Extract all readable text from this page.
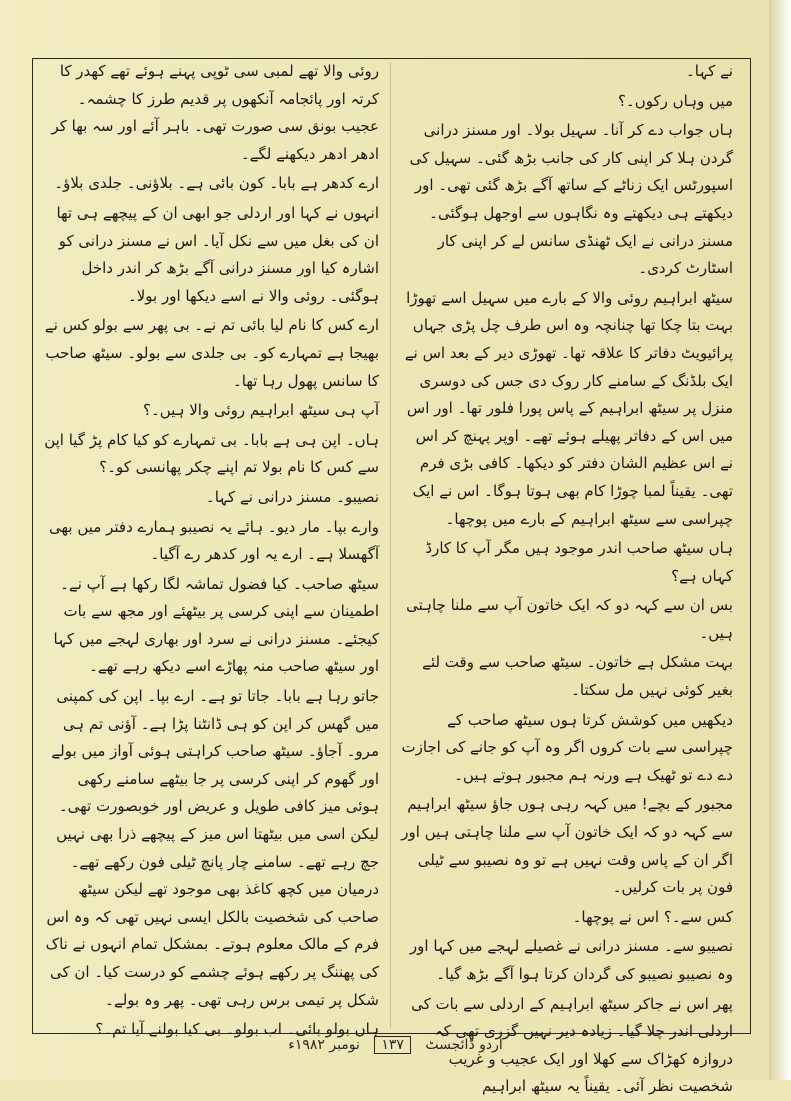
نے کہا۔

میں وہاں رکوں۔؟

ہاں جواب دے کر آنا۔ سہیل بولا۔ اور مسنز درانی گردن ہلا کر اپنی کار کی جانب بڑھ گئی۔ سہیل کی اسپورٹس ایک زناٹے کے ساتھ آگے بڑھ گئی تھی۔ اور دیکھتے ہی دیکھتے وہ نگاہوں سے اوجھل ہوگئی۔ مسنز درانی نے ایک ٹھنڈی سانس لے کر اپنی کار اسٹارٹ کردی۔

سیٹھ ابراہیم روئی والا کے بارے میں سہیل اسے تھوڑا بہت بتا چکا تھا چنانچہ وہ اس طرف چل پڑی جہاں پرائیویٹ دفاتر کا علاقہ تھا۔ تھوڑی دیر کے بعد اس نے ایک بلڈنگ کے سامنے کار روک دی جس کی دوسری منزل پر سیٹھ ابراہیم کے پاس پورا فلور تھا۔ اور اس میں اس کے دفاتر پھیلے ہوئے تھے۔ اوپر پہنچ کر اس نے اس عظیم الشان دفتر کو دیکھا۔ کافی بڑی فرم تھی۔ یقیناً لمبا چوڑا کام بھی ہوتا ہوگا۔ اس نے ایک چپراسی سے سیٹھ ابراہیم کے بارے میں پوچھا۔

ہاں سیٹھ صاحب اندر موجود ہیں مگر آپ کا کارڈ کہاں ہے؟

بس ان سے کہہ دو کہ ایک خاتون آپ سے ملنا چاہتی ہیں۔

بہت مشکل ہے خاتون۔ سیٹھ صاحب سے وقت لئے بغیر کوئی نہیں مل سکتا۔

دیکھیں میں کوشش کرتا ہوں سیٹھ صاحب کے چپراسی سے بات کروں اگر وہ آپ کو جانے کی اجازت دے دے تو ٹھیک ہے ورنہ ہم مجبور ہوتے ہیں۔

مجبور کے بچے! میں کہہ رہی ہوں جاؤ سیٹھ ابراہیم سے کہہ دو کہ ایک خاتون آپ سے ملنا چاہتی ہیں اور اگر ان کے پاس وقت نہیں ہے تو وہ نصیبو سے ٹیلی فون پر بات کرلیں۔

کس سے۔؟ اس نے پوچھا۔

نصیبو سے۔ مسنز درانی نے غصیلے لہجے میں کہا اور وہ نصیبو نصیبو کی گردان کرتا ہوا آگے بڑھ گیا۔

پھر اس نے جاکر سیٹھ ابراہیم کے اردلی سے بات کی اردلی اندر چلا گیا۔ زیادہ دیر نہیں گزری تھی کہ دروازہ کھڑاک سے کھلا اور ایک عجیب و غریب شخصیت نظر آئی۔ یقیناً یہ سیٹھ ابراہیم

روئی والا تھے لمبی سی ٹوپی پہنے ہوئے تھے کھدر کا کرتہ اور پائجامہ آنکھوں پر قدیم طرز کا چشمہ۔ عجیب بونق سی صورت تھی۔ باہر آئے اور سہ بھا کر ادھر ادھر دیکھنے لگے۔

ارے کدھر ہے بابا۔ کون بائی ہے۔ بلاؤنی۔ جلدی بلاؤ۔

انہوں نے کہا اور اردلی جو ابھی ان کے پیچھے ہی تھا ان کی بغل میں سے نکل آیا۔ اس نے مسنز درانی کو اشارہ کیا اور مسنز درانی آگے بڑھ کر اندر داخل ہوگئی۔ روئی والا نے اسے دیکھا اور بولا۔

ارے کس کا نام لیا بائی تم نے۔ بی پھر سے بولو کس نے بھیجا ہے تمہارے کو۔ بی جلدی سے بولو۔ سیٹھ صاحب کا سانس پھول رہا تھا۔

آپ ہی سیٹھ ابراہیم روئی والا ہیں۔؟

ہاں۔ اپن ہی ہے بابا۔ بی تمہارے کو کیا کام پڑ گیا اپن سے کس کا نام بولا تم اپنے چکر پھانسی کو۔؟

نصیبو۔ مسنز درانی نے کہا۔

وارے بپا۔ مار دیو۔ ہائے یہ نصیبو ہمارے دفتر میں بھی آگھسلا ہے۔ ارے یہ اور کدھر رے آگیا۔

سیٹھ صاحب۔ کیا فضول تماشہ لگا رکھا ہے آپ نے۔ اطمینان سے اپنی کرسی پر بیٹھئے اور مجھ سے بات کیجئے۔ مسنز درانی نے سرد اور بھاری لہجے میں کہا اور سیٹھ صاحب منہ پھاڑے اسے دیکھ رہے تھے۔

جاتو رہا ہے بابا۔ جاتا تو ہے۔ ارے بپا۔ اپن کی کمپنی میں گھس کر اپن کو ہی ڈانٹنا پڑا ہے۔ آؤنی تم ہی مرو۔ آجاؤ۔ سیٹھ صاحب کراہتی ہوئی آواز میں بولے اور گھوم کر اپنی کرسی پر جا بیٹھے سامنے رکھی ہوئی میز کافی طویل و عریض اور خوبصورت تھی۔ لیکن اسی میں بیٹھتا اس میز کے پیچھے ذرا بھی نہیں جچ رہے تھے۔ سامنے چار پانچ ٹیلی فون رکھے تھے۔ درمیان میں کچھ کاغذ بھی موجود تھے لیکن سیٹھ صاحب کی شخصیت بالکل ایسی نہیں تھی کہ وہ اس فرم کے مالک معلوم ہوتے۔ بمشکل تمام انہوں نے ناک کی پھننگ پر رکھے ہوئے چشمے کو درست کیا۔ ان کی شکل پر تیمی برس رہی تھی۔ پھر وہ بولے۔

ہاں بولو بائی۔ اب بولو۔ بی کیا بولنے آیا تم۔؟

اردو ڈائجسٹ ۱۳۷ نومبر ۱۹۸۲ء
